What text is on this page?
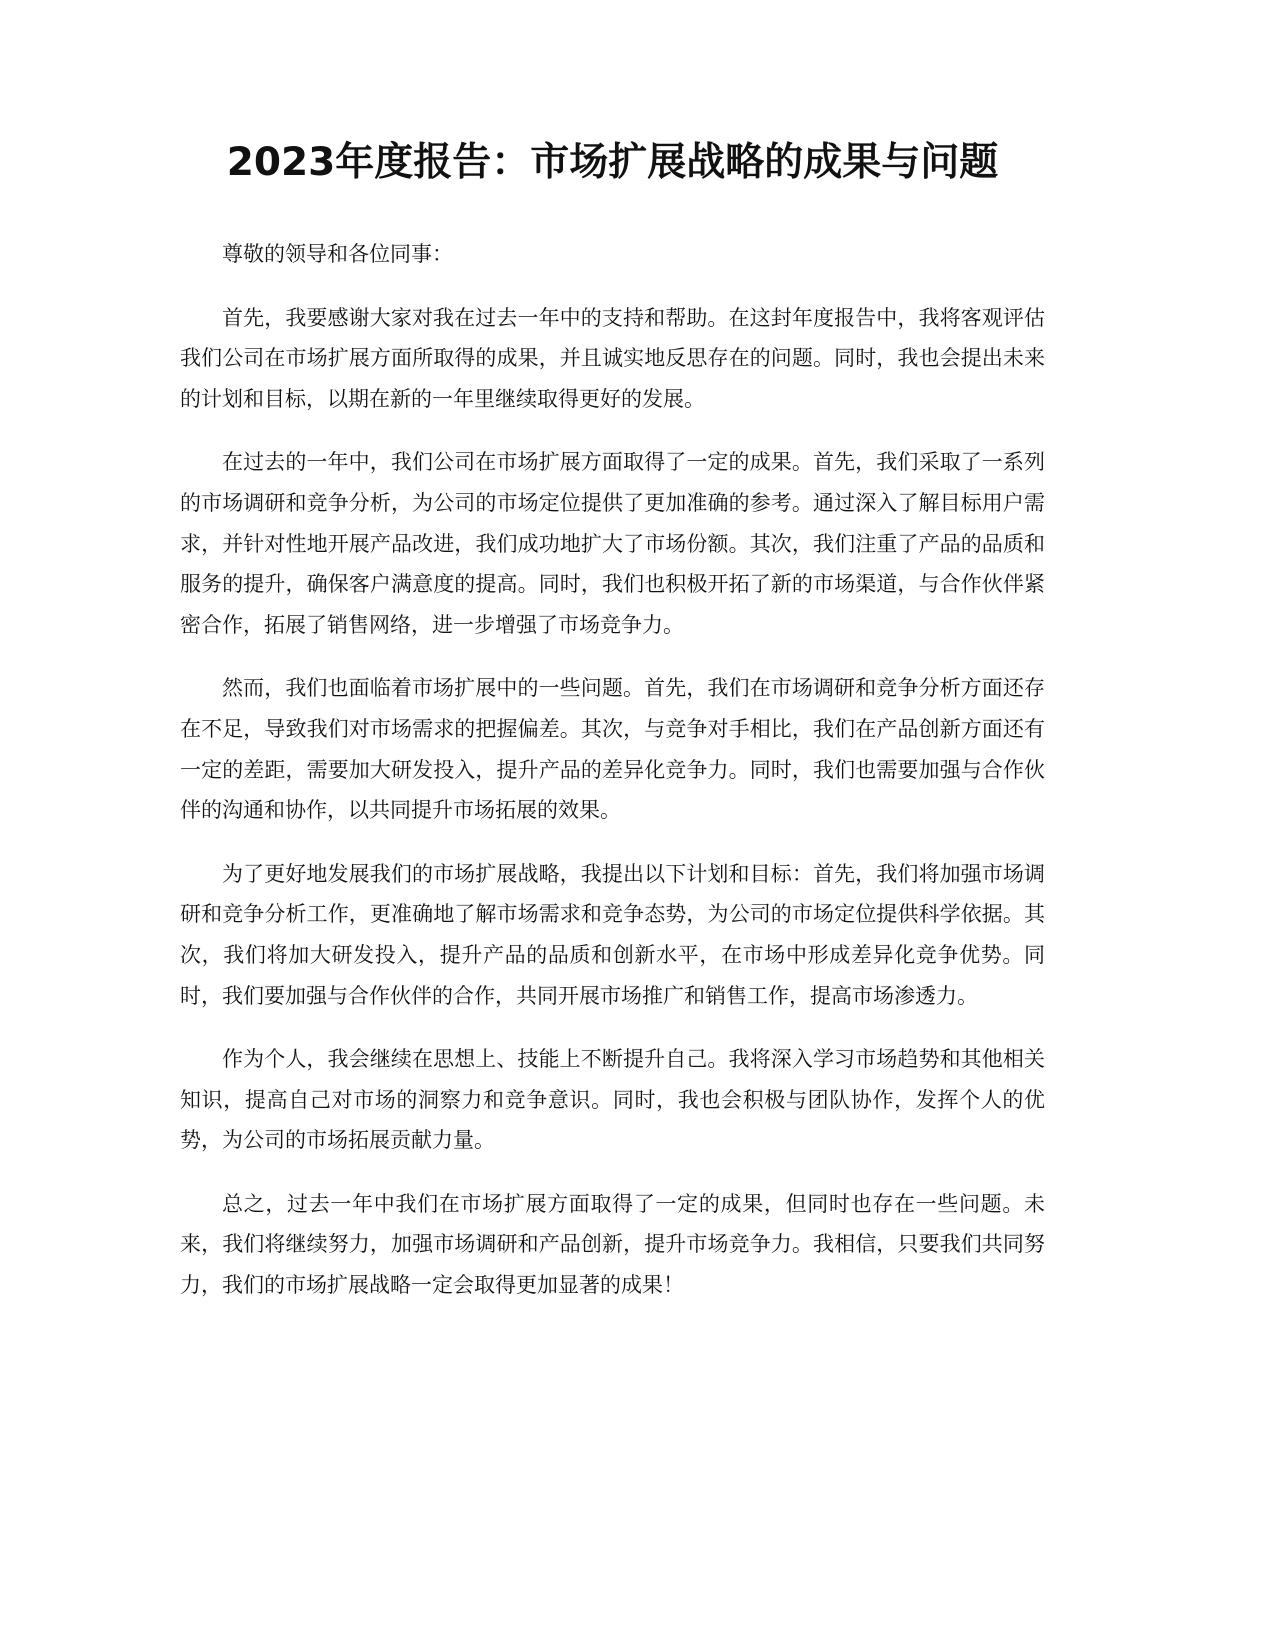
2023年度报告：市场扩展战略的成果与问题

尊敬的领导和各位同事：

首先，我要感谢大家对我在过去一年中的支持和帮助。在这封年度报告中，我将客观评估我们公司在市场扩展方面所取得的成果，并且诚实地反思存在的问题。同时，我也会提出未来的计划和目标，以期在新的一年里继续取得更好的发展。

在过去的一年中，我们公司在市场扩展方面取得了一定的成果。首先，我们采取了一系列的市场调研和竞争分析，为公司的市场定位提供了更加准确的参考。通过深入了解目标用户需求，并针对性地开展产品改进，我们成功地扩大了市场份额。其次，我们注重了产品的品质和服务的提升，确保客户满意度的提高。同时，我们也积极开拓了新的市场渠道，与合作伙伴紧密合作，拓展了销售网络，进一步增强了市场竞争力。

然而，我们也面临着市场扩展中的一些问题。首先，我们在市场调研和竞争分析方面还存在不足，导致我们对市场需求的把握偏差。其次，与竞争对手相比，我们在产品创新方面还有一定的差距，需要加大研发投入，提升产品的差异化竞争力。同时，我们也需要加强与合作伙伴的沟通和协作，以共同提升市场拓展的效果。

为了更好地发展我们的市场扩展战略，我提出以下计划和目标：首先，我们将加强市场调研和竞争分析工作，更准确地了解市场需求和竞争态势，为公司的市场定位提供科学依据。其次，我们将加大研发投入，提升产品的品质和创新水平，在市场中形成差异化竞争优势。同时，我们要加强与合作伙伴的合作，共同开展市场推广和销售工作，提高市场渗透力。

作为个人，我会继续在思想上、技能上不断提升自己。我将深入学习市场趋势和其他相关知识，提高自己对市场的洞察力和竞争意识。同时，我也会积极与团队协作，发挥个人的优势，为公司的市场拓展贡献力量。

总之，过去一年中我们在市场扩展方面取得了一定的成果，但同时也存在一些问题。未来，我们将继续努力，加强市场调研和产品创新，提升市场竞争力。我相信，只要我们共同努力，我们的市场扩展战略一定会取得更加显著的成果！
